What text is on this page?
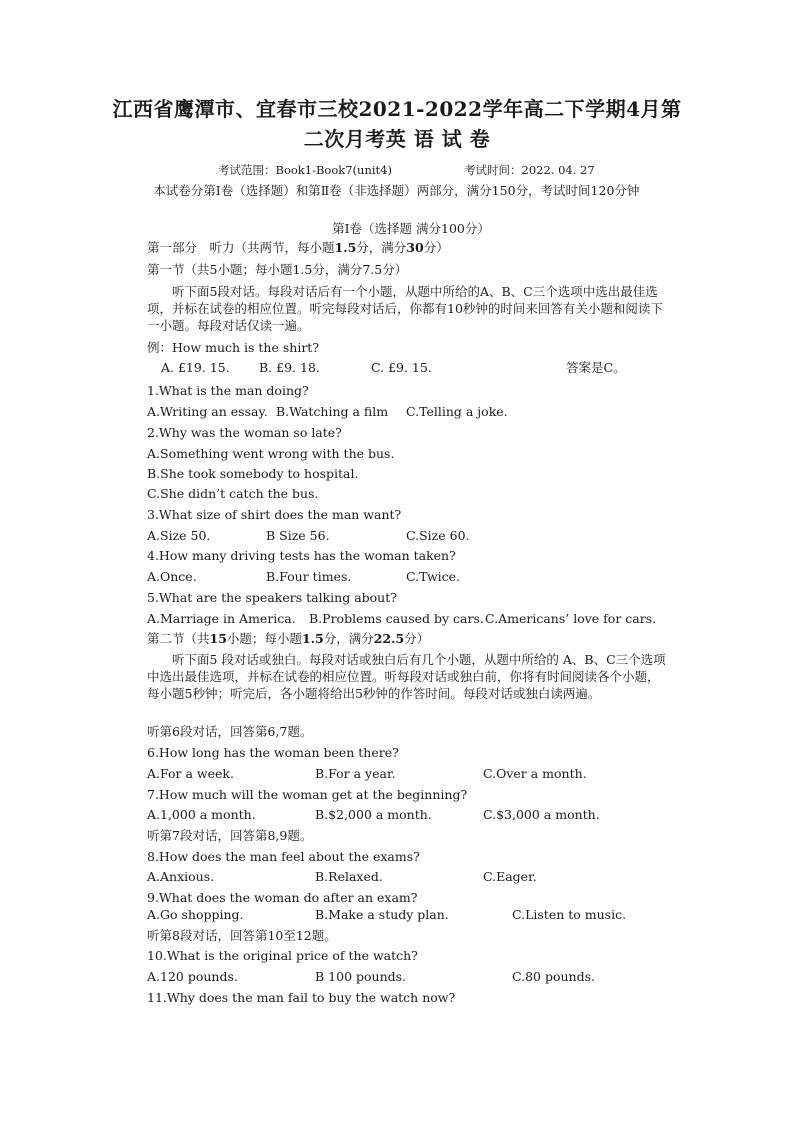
江西省鹰潭市、宜春市三校2021-2022学年高二下学期4月第
二次月考英 语 试 卷
考试范围：Book1-Book7(unit4)	考试时间：2022. 04. 27
本试卷分第Ⅰ卷（选择题）和第Ⅱ卷（非选择题）两部分，满分150分，考试时间120分钟
第Ⅰ卷（选择题 满分100分）
第一部分　听力（共两节，每小题1.5分，满分30分）
第一节（共5小题；每小题1.5分，满分7.5分）
听下面5段对话。每段对话后有一个小题，从题中所给的A、B、C三个选项中选出最佳选项，并标在试卷的相应位置。听完每段对话后，你都有10秒钟的时间来回答有关小题和阅读下一小题。每段对话仅读一遍。
例：How much is the shirt?
A. £19. 15. B. £9. 18.	C. £9. 15.	答案是C。
1.What is the man doing?
A.Writing an essay. B.Watching a film C.Telling a joke.
2.Why was the woman so late?
A.Something went wrong with the bus.
B.She took somebody to hospital.
C.She didn’t catch the bus.
3.What size of shirt does the man want?
A.Size 50.	B Size 56.	C.Size 60.
4.How many driving tests has the woman taken?
A.Once.	B.Four times.	C.Twice.
5.What are the speakers talking about?
A.Marriage in America. B.Problems caused by cars. C.Americans’ love for cars.
第二节（共15小题；每小题1.5分，满分22.5分）
听下面5 段对话或独白。每段对话或独白后有几个小题，从题中所给的 A、B、C三个选项中选出最佳选项，并标在试卷的相应位置。听每段对话或独白前，你将有时间阅读各个小题， 每小题5秒钟；听完后，各小题将给出5秒钟的作答时间。每段对话或独白读两遍。
听第6段对话，回答第6,7题。
6.How long has the woman been there?
A.For a week.	B.For a year.	C.Over a month.
7.How much will the woman get at the beginning?
A.1,000 a month.	B.$2,000 a month.	C.$3,000 a month.
听第7段对话，回答第8,9题。
8.How does the man feel about the exams?
A.Anxious.	B.Relaxed.	C.Eager.
9.What does the woman do after an exam?
A.Go shopping.	B.Make a study plan.	C.Listen to music.
听第8段对话，回答第10至12题。
10.What is the original price of the watch?
A.120 pounds.	B 100 pounds.	C.80 pounds.
11.Why does the man fail to buy the watch now?
